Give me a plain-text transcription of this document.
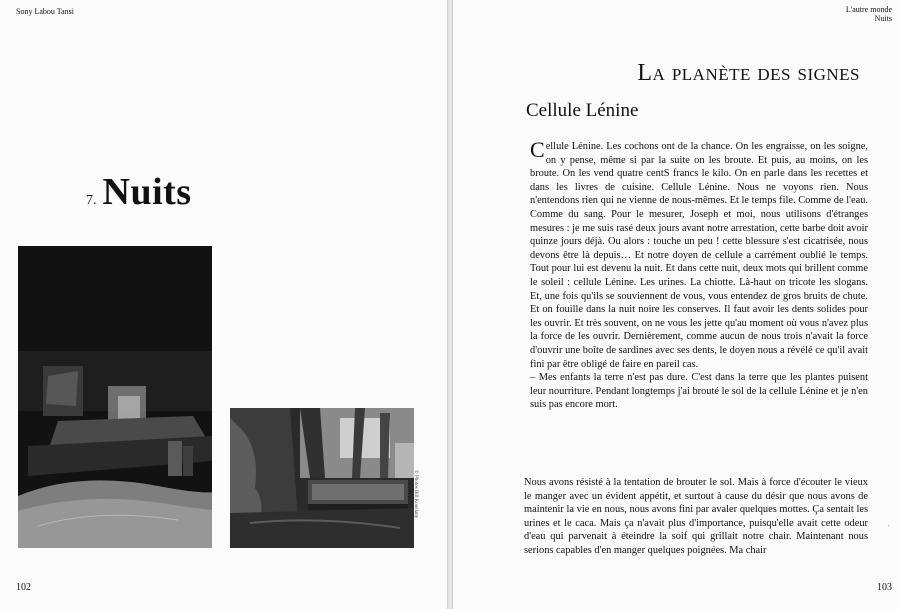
Sony Labou Tansi
7. Nuits
© Photos Bill Kouélany
102
L'autre monde
Nuits
La planète des signes
Cellule Lénine
Cellule Lénine. Les cochons ont de la chance. On les engraisse, on les soigne, on y pense, même si par la suite on les broute. Et puis, au moins, on les broute. On les vend quatre centS francs le kilo. On en parle dans les recettes et dans les livres de cuisine. Cellule Lénine. Nous ne voyons rien. Nous n'entendons rien qui ne vienne de nous-mêmes. Et le temps file. Comme de l'eau. Comme du sang. Pour le mesurer, Joseph et moi, nous utilisons d'étranges mesures : je me suis rasé deux jours avant notre arrestation, cette barbe doit avoir quinze jours déjà. Ou alors : touche un peu ! cette blessure s'est cicatrisée, nous devons être là depuis… Et notre doyen de cellule a carrément oublié le temps. Tout pour lui est devenu la nuit. Et dans cette nuit, deux mots qui brillent comme le soleil : cellule Lénine. Les urines. La chiotte. Là-haut on tricote les slogans. Et, une fois qu'ils se souviennent de vous, vous entendez de gros bruits de chute. Et on fouille dans la nuit noire les conserves. Il faut avoir les dents solides pour les ouvrir. Et très souvent, on ne vous les jette qu'au moment où vous n'avez plus la force de les ouvrir. Dernièrement, comme aucun de nous trois n'avait la force d'ouvrir une boîte de sardines avec ses dents, le doyen nous a révélé ce qu'il avait fini par être obligé de faire en pareil cas.
– Mes enfants la terre n'est pas dure. C'est dans la terre que les plantes puisent leur nourriture. Pendant longtemps j'ai brouté le sol de la cellule Lénine et je n'en suis pas encore mort.
Nous avons résisté à la tentation de brouter le sol. Mais à force d'écouter le vieux le manger avec un évident appétit, et surtout à cause du désir que nous avons de maintenir la vie en nous, nous avons fini par avaler quelques mottes. Ça sentait les urines et le caca. Mais ça n'avait plus d'importance, puisqu'elle avait cette odeur d'eau qui parvenait à éteindre la soif qui grillait notre chair. Maintenant nous serions capables d'en manger quelques poignées. Ma chair
ˋ
103
